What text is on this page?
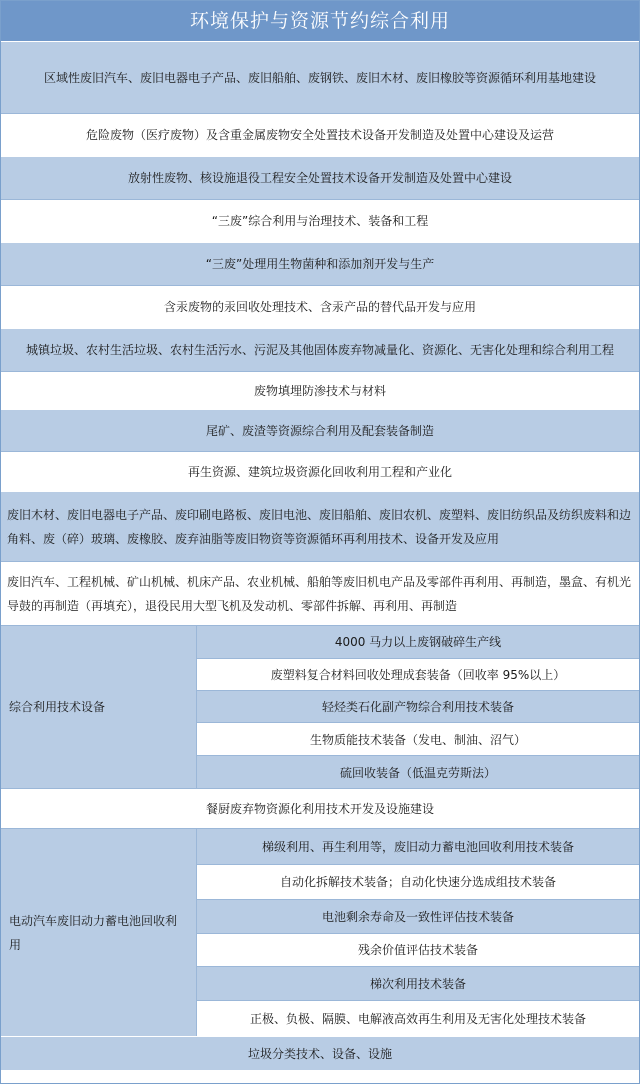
环境保护与资源节约综合利用
区域性废旧汽车、废旧电器电子产品、废旧船舶、废钢铁、废旧木材、废旧橡胶等资源循环利用基地建设
危险废物（医疗废物）及含重金属废物安全处置技术设备开发制造及处置中心建设及运营
放射性废物、核设施退役工程安全处置技术设备开发制造及处置中心建设
“三废”综合利用与治理技术、装备和工程
“三废”处理用生物菌种和添加剂开发与生产
含汞废物的汞回收处理技术、含汞产品的替代品开发与应用
城镇垃圾、农村生活垃圾、农村生活污水、污泥及其他固体废弃物减量化、资源化、无害化处理和综合利用工程
废物填埋防渗技术与材料
尾矿、废渣等资源综合利用及配套装备制造
再生资源、建筑垃圾资源化回收利用工程和产业化
废旧木材、废旧电器电子产品、废印刷电路板、废旧电池、废旧船舶、废旧农机、废塑料、废旧纺织品及纺织废料和边角料、废（碎）玻璃、废橡胶、废弃油脂等废旧物资等资源循环再利用技术、设备开发及应用
废旧汽车、工程机械、矿山机械、机床产品、农业机械、船舶等废旧机电产品及零部件再利用、再制造，墨盒、有机光导鼓的再制造（再填充），退役民用大型飞机及发动机、零部件拆解、再利用、再制造
综合利用技术设备
4000 马力以上废钢破碎生产线
废塑料复合材料回收处理成套装备（回收率 95%以上）
轻烃类石化副产物综合利用技术装备
生物质能技术装备（发电、制油、沼气）
硫回收装备（低温克劳斯法）
餐厨废弃物资源化利用技术开发及设施建设
电动汽车废旧动力蓄电池回收利用
梯级利用、再生利用等，废旧动力蓄电池回收利用技术装备
自动化拆解技术装备；自动化快速分选成组技术装备
电池剩余寿命及一致性评估技术装备
残余价值评估技术装备
梯次利用技术装备
正极、负极、隔膜、电解液高效再生利用及无害化处理技术装备
垃圾分类技术、设备、设施
